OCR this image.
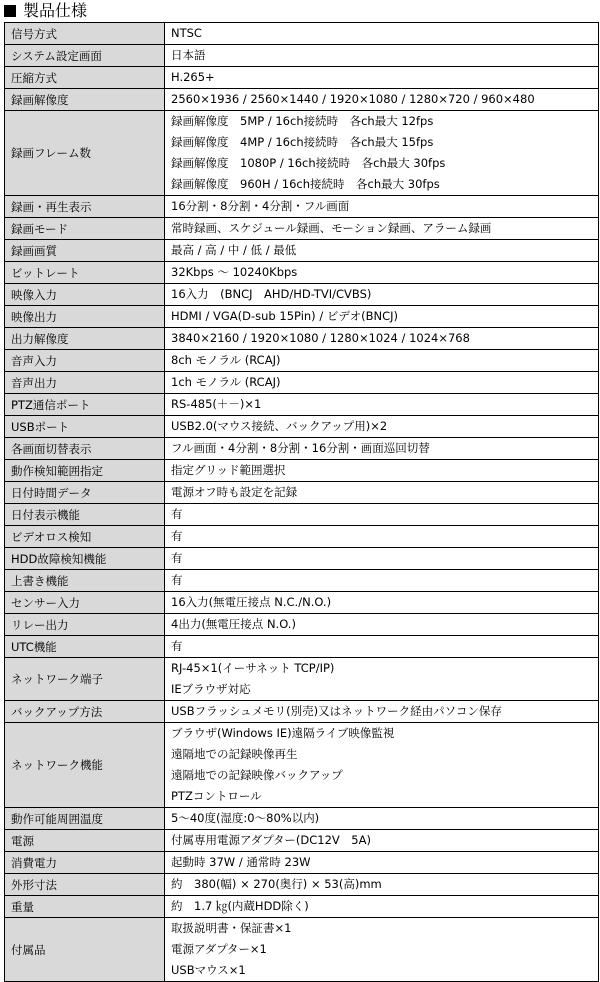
製品仕様
信号方式	NTSC

システム設定画面	日本語

圧縮方式	H.265+

録画解像度	2560×1936 / 2560×1440 / 1920×1080 / 1280×720 / 960×480

録画フレーム数	録画解像度　5MP / 16ch接続時　各ch最大 12fps
録画解像度　4MP / 16ch接続時　各ch最大 15fps
録画解像度　1080P / 16ch接続時　各ch最大 30fps
録画解像度　960H / 16ch接続時　各ch最大 30fps

録画・再生表示	16分割・8分割・4分割・フル画面

録画モード	常時録画、スケジュール録画、モーション録画、アラーム録画

録画画質	最高 / 高 / 中 / 低 / 最低

ビットレート	32Kbps 〜 10240Kbps

映像入力	16入力　(BNCJ　AHD/HD-TVI/CVBS)

映像出力	HDMI / VGA(D-sub 15Pin) / ビデオ(BNCJ)

出力解像度	3840×2160 / 1920×1080 / 1280×1024 / 1024×768

音声入力	8ch モノラル (RCAJ)

音声出力	1ch モノラル (RCAJ)

PTZ通信ポート	RS-485(＋－)×1

USBポート	USB2.0(マウス接続、バックアップ用)×2

各画面切替表示	フル画面・4分割・8分割・16分割・画面巡回切替

動作検知範囲指定	指定グリッド範囲選択

日付時間データ	電源オフ時も設定を記録

日付表示機能	有

ビデオロス検知	有

HDD故障検知機能	有

上書き機能	有

センサー入力	16入力(無電圧接点 N.C./N.O.)

リレー出力	4出力(無電圧接点 N.O.)

UTC機能	有

ネットワーク端子	RJ-45×1(イーサネット TCP/IP)
IEブラウザ対応

バックアップ方法	USBフラッシュメモリ(別売)又はネットワーク経由パソコン保存

ネットワーク機能	ブラウザ(Windows IE)遠隔ライブ映像監視
遠隔地での記録映像再生
遠隔地での記録映像バックアップ
PTZコントロール

動作可能周囲温度	5〜40度(湿度:0〜80%以内)

電源	付属専用電源アダプター(DC12V　5A)

消費電力	起動時 37W / 通常時 23W

外形寸法	約　380(幅) × 270(奥行) × 53(高)mm

重量	約　1.7 ㎏(内蔵HDD除く)

付属品	取扱説明書・保証書×1
電源アダプター×1
USBマウス×1
